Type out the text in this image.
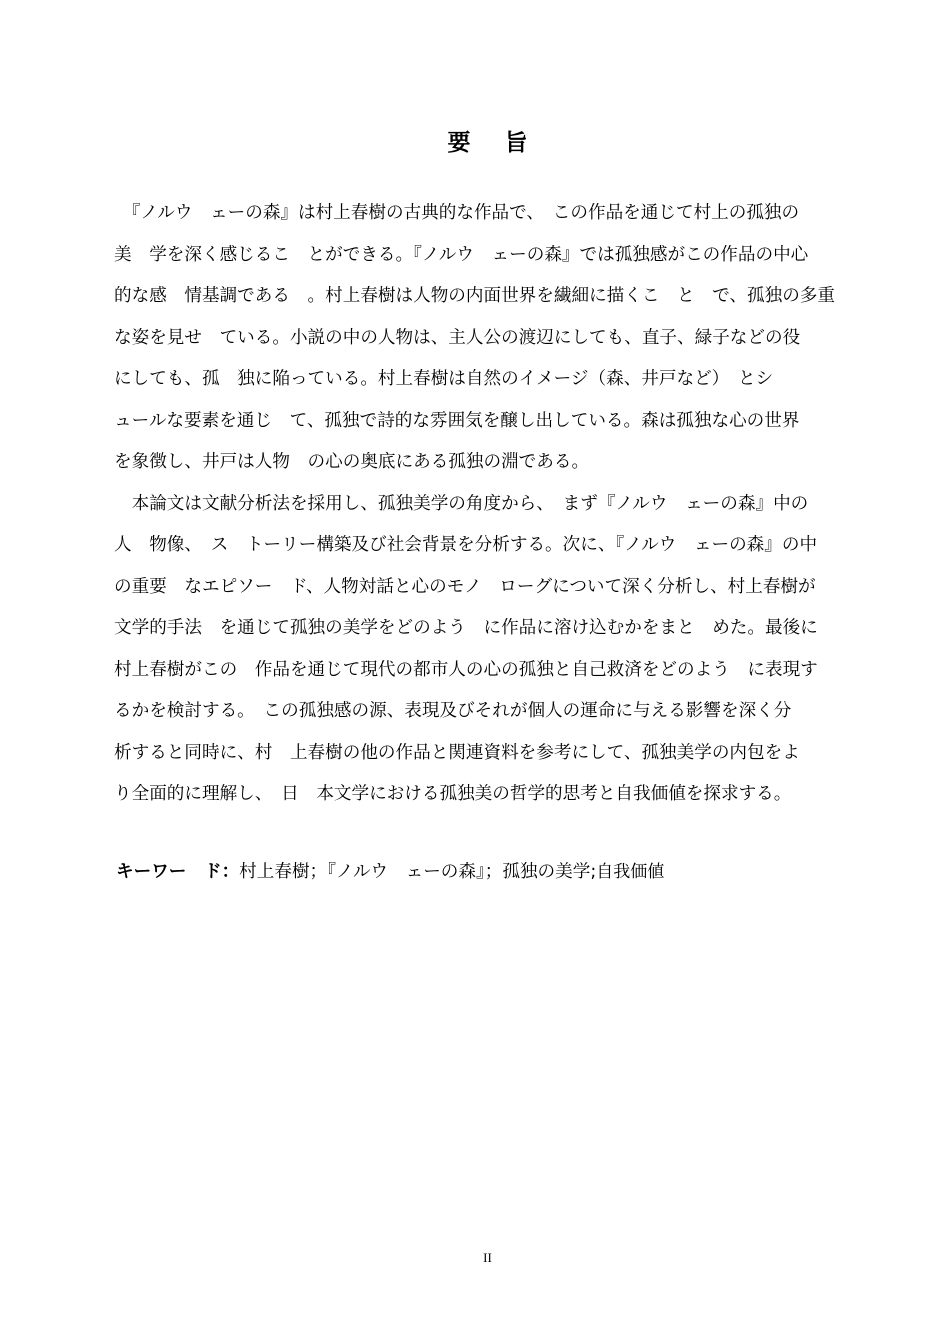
要 旨
　『ノルウ　ェーの森』は村上春樹の古典的な作品で、　この作品を通じて村上の孤独の
美　学を深く感じるこ　とができる。『ノルウ　ェーの森』では孤独感がこの作品の中心
的な感　情基調である　。村上春樹は人物の内面世界を繊細に描くこ　と　で、孤独の多重
な姿を見せ　ている。小説の中の人物は、主人公の渡辺にしても、直子、緑子などの役
にしても、孤　独に陥っている。村上春樹は自然のイメージ（森、井戸など）　とシ
ュールな要素を通じ　て、孤独で詩的な雰囲気を醸し出している。森は孤独な心の世界
を象徴し、井戸は人物　の心の奥底にある孤独の淵である。
　本論文は文献分析法を採用し、孤独美学の角度から、　まず『ノルウ　ェーの森』中の
人　物像、　ス　トーリー構築及び社会背景を分析する。次に、『ノルウ　ェーの森』の中
の重要　なエピソー　ド、人物対話と心のモノ　ローグについて深く分析し、村上春樹が
文学的手法　を通じて孤独の美学をどのよう　に作品に溶け込むかをまと　めた。最後に
村上春樹がこの　作品を通じて現代の都市人の心の孤独と自己救済をどのよう　に表現す
るかを検討する。　この孤独感の源、表現及びそれが個人の運命に与える影響を深く分
析すると同時に、村　上春樹の他の作品と関連資料を参考にして、孤独美学の内包をよ
り全面的に理解し、　日　本文学における孤独美の哲学的思考と自我価値を探求する。
キーワー　ド：村上春樹；『ノルウ　ェーの森』；孤独の美学;自我価値
II
